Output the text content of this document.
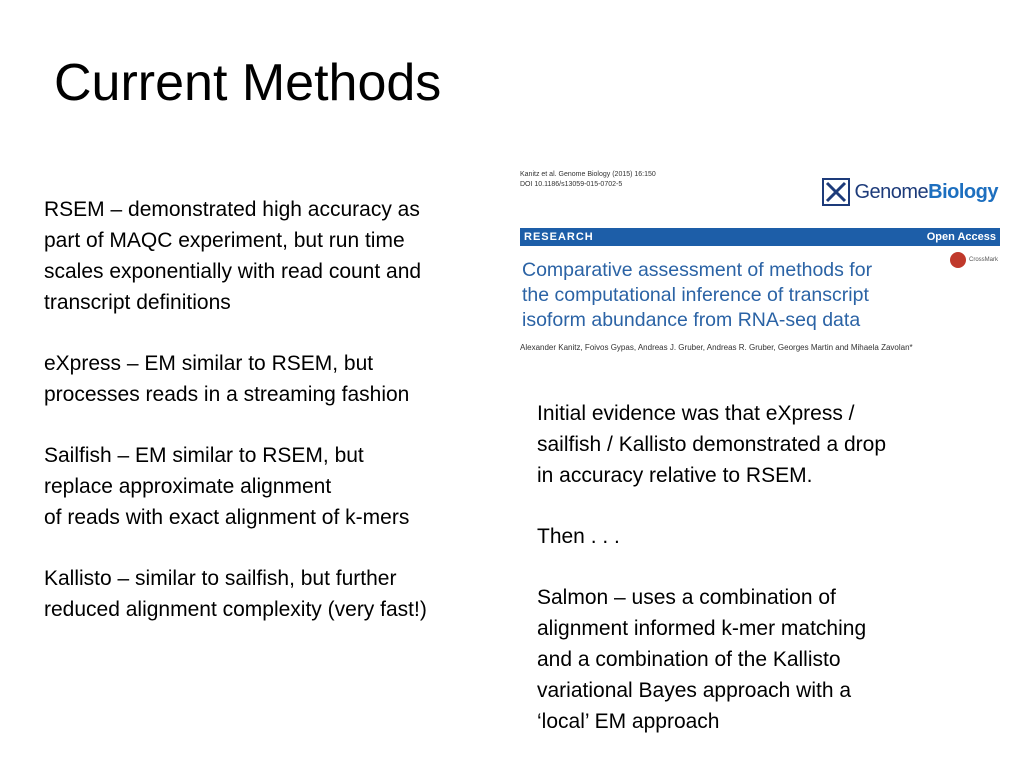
Current Methods

RSEM – demonstrated high accuracy as
part of MAQC experiment, but run time
scales exponentially with read count and
transcript definitions

eXpress – EM similar to RSEM, but
processes reads in a streaming fashion

Sailfish – EM similar to RSEM, but
replace approximate alignment
of reads with exact alignment of k-mers

Kallisto – similar to sailfish, but further
reduced alignment complexity (very fast!)

Kanitz et al. Genome Biology (2015) 16:150
DOI 10.1186/s13059-015-0702-5	GenomeBiology
RESEARCH	Open Access
CrossMark
Comparative assessment of methods for
the computational inference of transcript
isoform abundance from RNA-seq data
Alexander Kanitz, Foivos Gypas, Andreas J. Gruber, Andreas R. Gruber, Georges Martin and Mihaela Zavolan*

Initial evidence was that eXpress /
sailfish / Kallisto demonstrated a drop
in accuracy relative to RSEM.

Then . . .

Salmon – uses a combination of
alignment informed k-mer matching
and a combination of the Kallisto
variational Bayes approach with a
‘local’ EM approach
